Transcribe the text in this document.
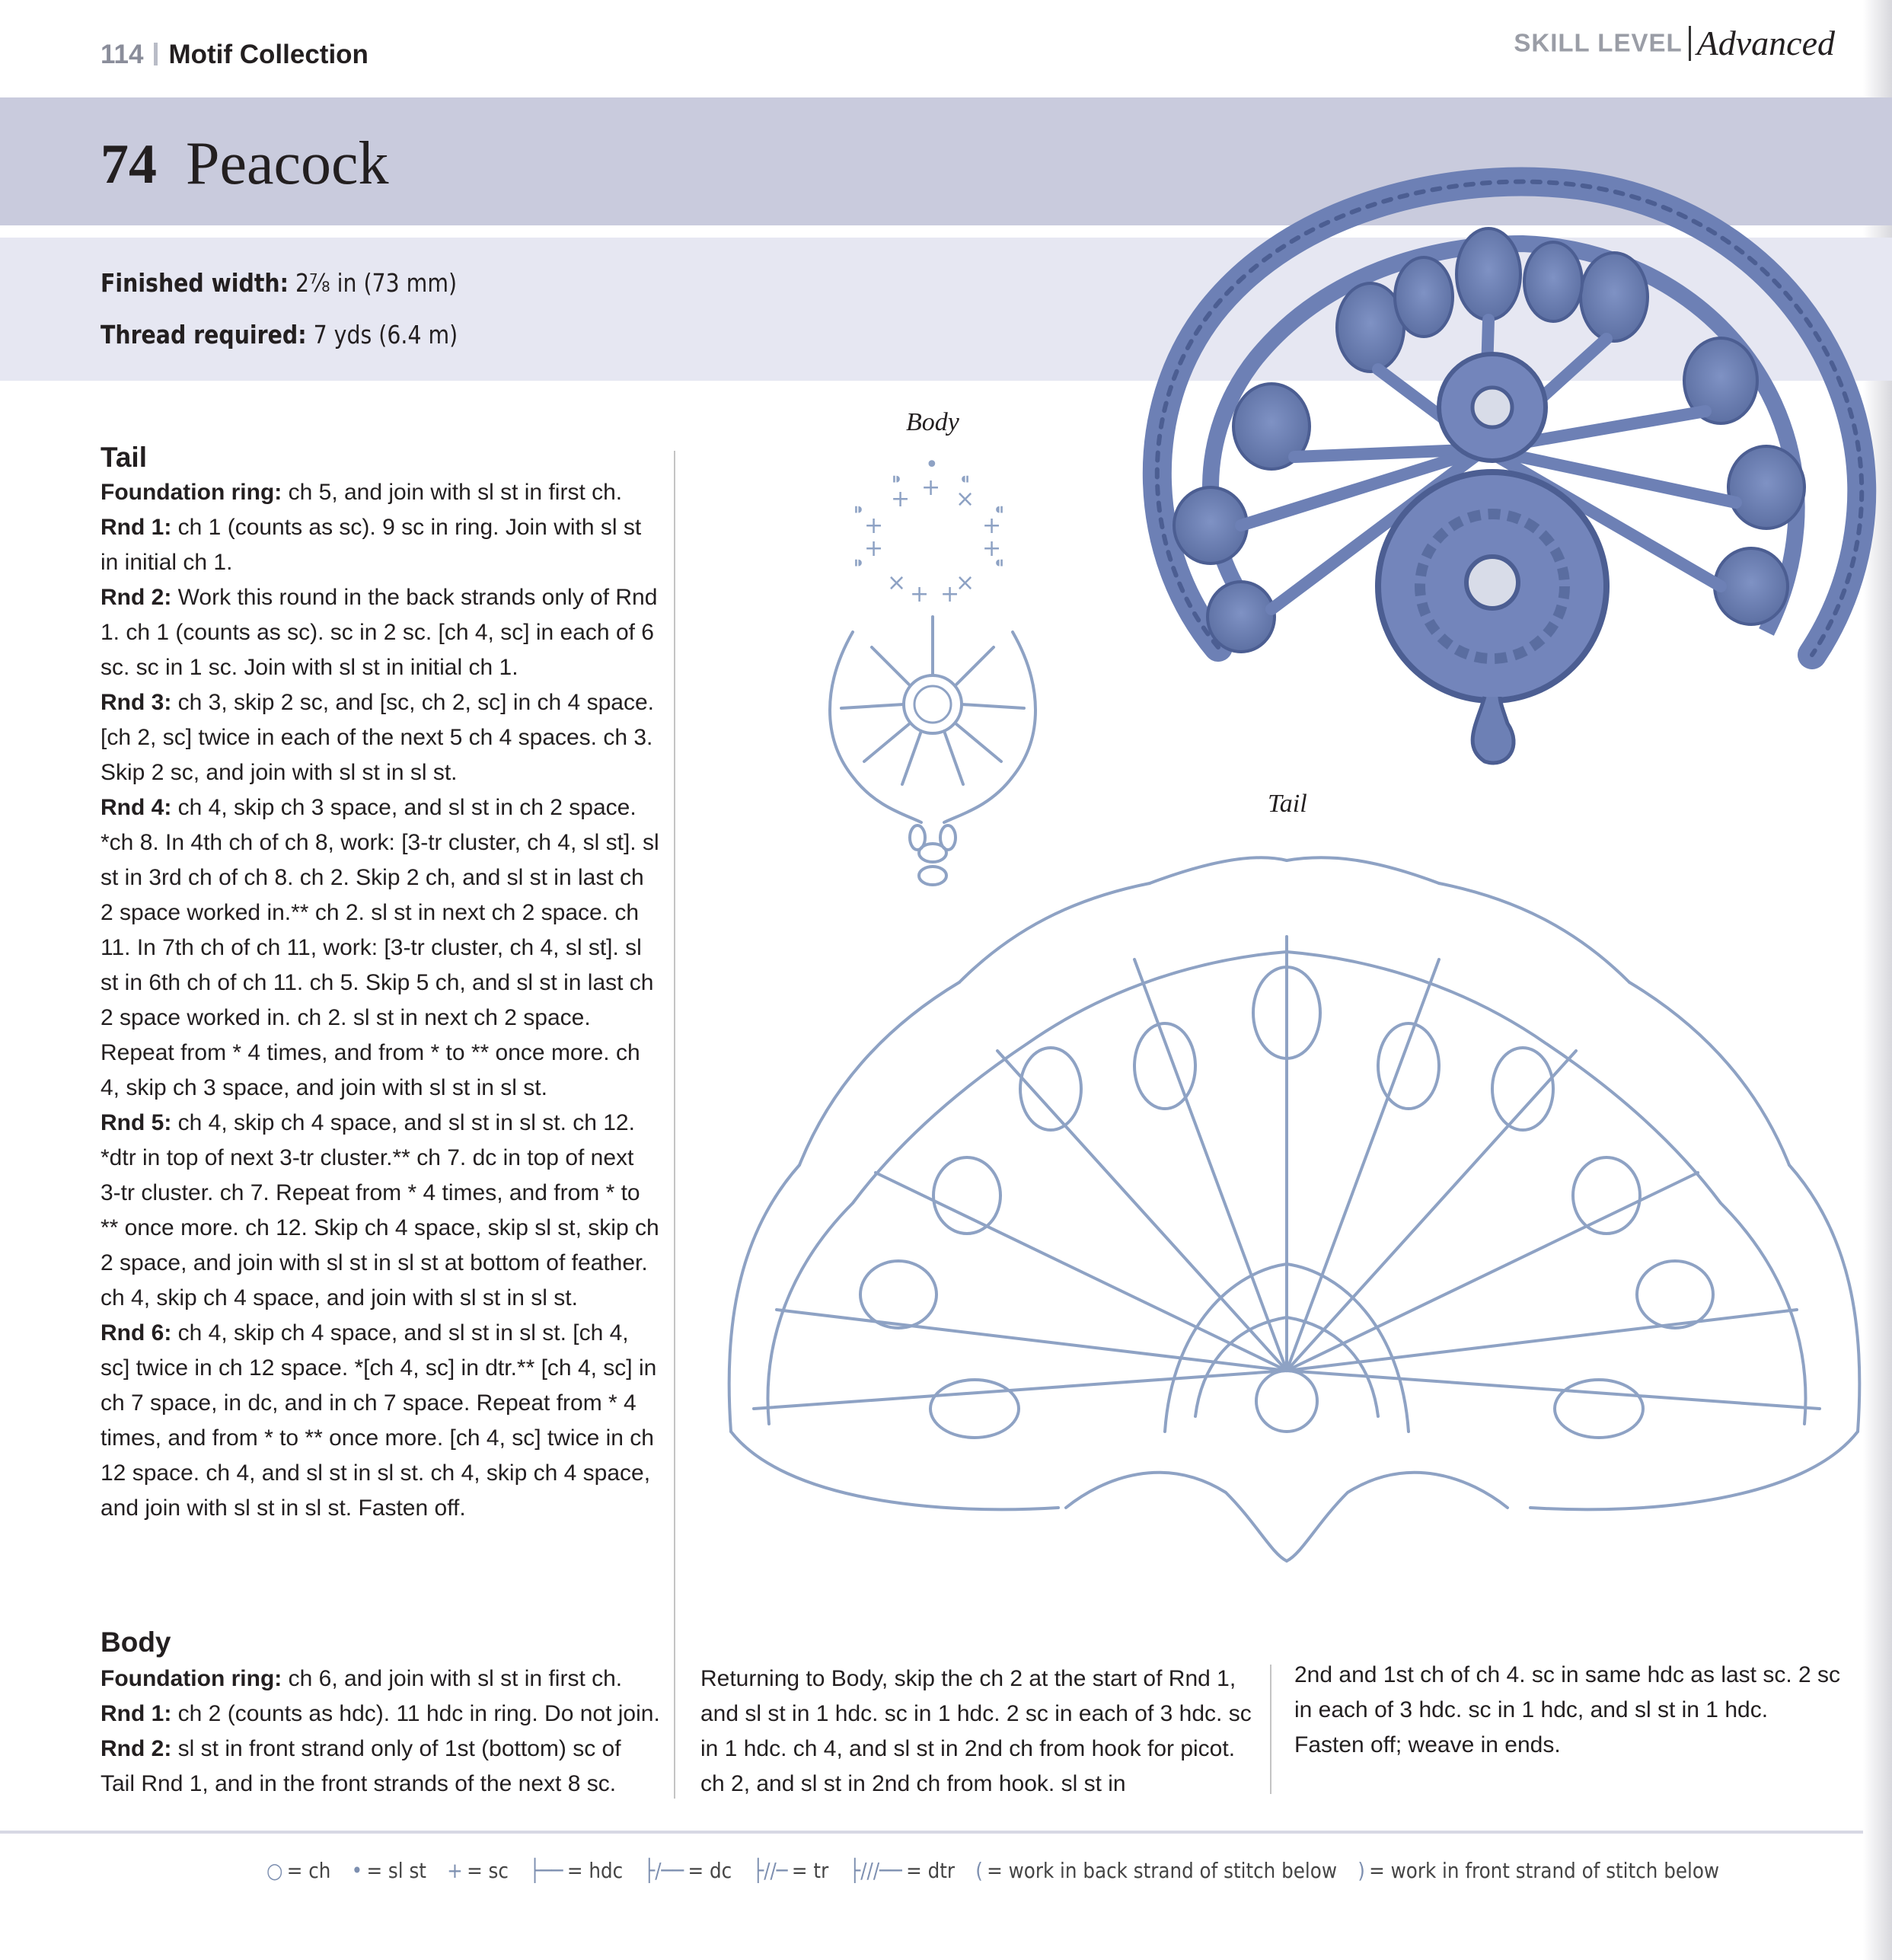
114 Motif Collection	SKILL LEVEL Advanced
74 Peacock
Finished width: 2⁷⁄₈ in (73 mm)
Thread required: 7 yds (6.4 m)
Tail

Foundation ring: ch 5, and join with sl st in first ch.

Rnd 1: ch 1 (counts as sc). 9 sc in ring. Join with sl st in initial ch 1.

Rnd 2: Work this round in the back strands only of Rnd 1. ch 1 (counts as sc). sc in 2 sc. [ch 4, sc] in each of 6 sc. sc in 1 sc. Join with sl st in initial ch 1.

Rnd 3: ch 3, skip 2 sc, and [sc, ch 2, sc] in ch 4 space. [ch 2, sc] twice in each of the next 5 ch 4 spaces. ch 3. Skip 2 sc, and join with sl st in sl st.

Rnd 4: ch 4, skip ch 3 space, and sl st in ch 2 space. *ch 8. In 4th ch of ch 8, work: [3-tr cluster, ch 4, sl st]. sl st in 3rd ch of ch 8. ch 2. Skip 2 ch, and sl st in last ch 2 space worked in.** ch 2. sl st in next ch 2 space. ch 11. In 7th ch of ch 11, work: [3-tr cluster, ch 4, sl st]. sl st in 6th ch of ch 11. ch 5. Skip 5 ch, and sl st in last ch 2 space worked in. ch 2. sl st in next ch 2 space. Repeat from * 4 times, and from * to ** once more. ch 4, skip ch 3 space, and join with sl st in sl st.

Rnd 5: ch 4, skip ch 4 space, and sl st in sl st. ch 12. *dtr in top of next 3-tr cluster.** ch 7. dc in top of next 3-tr cluster. ch 7. Repeat from * 4 times, and from * to ** once more. ch 12. Skip ch 4 space, skip sl st, skip ch 2 space, and join with sl st in sl st at bottom of feather. ch 4, skip ch 4 space, and join with sl st in sl st.

Rnd 6: ch 4, skip ch 4 space, and sl st in sl st. [ch 4, sc] twice in ch 12 space. *[ch 4, sc] in dtr.** [ch 4, sc] in ch 7 space, in dc, and in ch 7 space. Repeat from * 4 times, and from * to ** once more. [ch 4, sc] twice in ch 12 space. ch 4, and sl st in sl st. ch 4, skip ch 4 space, and join with sl st in sl st. Fasten off.

Body

Foundation ring: ch 6, and join with sl st in first ch.

Rnd 1: ch 2 (counts as hdc). 11 hdc in ring. Do not join.

Rnd 2: sl st in front strand only of 1st (bottom) sc of Tail Rnd 1, and in the front strands of the next 8 sc.

Returning to Body, skip the ch 2 at the start of Rnd 1, and sl st in 1 hdc. sc in 1 hdc. 2 sc in each of 3 hdc. sc in 1 hdc. ch 4, and sl st in 2nd ch from hook for picot. ch 2, and sl st in 2nd ch from hook. sl st in

2nd and 1st ch of ch 4. sc in same hdc as last sc. 2 sc in each of 3 hdc. sc in 1 hdc, and sl st in 1 hdc. Fasten off; weave in ends.

Body
Tail
•
⁍	⁌
+
+ ×
⁍	⁌
+	+
⁍	⁌
+	+
× ×
+ +
○ = ch • = sl st + = sc ├── = hdc ├/── = dc ├//─ = tr ├///── = dtr ( = work in back strand of stitch below ) = work in front strand of stitch below
